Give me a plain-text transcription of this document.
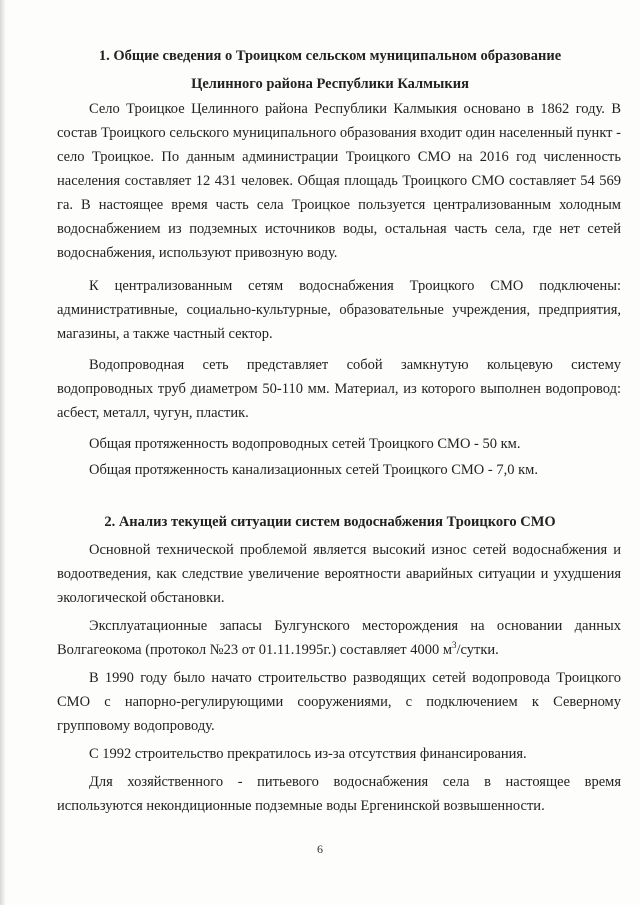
1. Общие сведения о Троицком сельском муниципальном образование
Целинного района Республики Калмыкия

Село Троицкое Целинного района Республики Калмыкия основано в 1862 году. В состав Троицкого сельского муниципального образования входит один населенный пункт - село Троицкое. По данным администрации Троицкого СМО на 2016 год численность населения составляет 12 431 человек. Общая площадь Троицкого СМО составляет 54 569 га. В настоящее время часть села Троицкое пользуется централизованным холодным водоснабжением из подземных источников воды, остальная часть села, где нет сетей водоснабжения, используют привозную воду.

К централизованным сетям водоснабжения Троицкого СМО подключены: административные, социально-культурные, образовательные учреждения, предприятия, магазины, а также частный сектор.

Водопроводная сеть представляет собой замкнутую кольцевую систему водопроводных труб диаметром 50-110 мм. Материал, из которого выполнен водопровод: асбест, металл, чугун, пластик.

Общая протяженность водопроводных сетей Троицкого СМО - 50 км.

Общая протяженность канализационных сетей Троицкого СМО - 7,0 км.

2. Анализ текущей ситуации систем водоснабжения Троицкого СМО

Основной технической проблемой является высокий износ сетей водоснабжения и водоотведения, как следствие увеличение вероятности аварийных ситуации и ухудшения экологической обстановки.

Эксплуатационные запасы Булгунского месторождения на основании данных Волгагеокома (протокол №23 от 01.11.1995г.) составляет 4000 $м^3$/сутки.

В 1990 году было начато строительство разводящих сетей водопровода Троицкого СМО с напорно-регулирующими сооружениями, с подключением к Северному групповому водопроводу.

С 1992 строительство прекратилось из-за отсутствия финансирования.

Для хозяйственного - питьевого водоснабжения села в настоящее время используются некондиционные подземные воды Ергенинской возвышенности.

6
